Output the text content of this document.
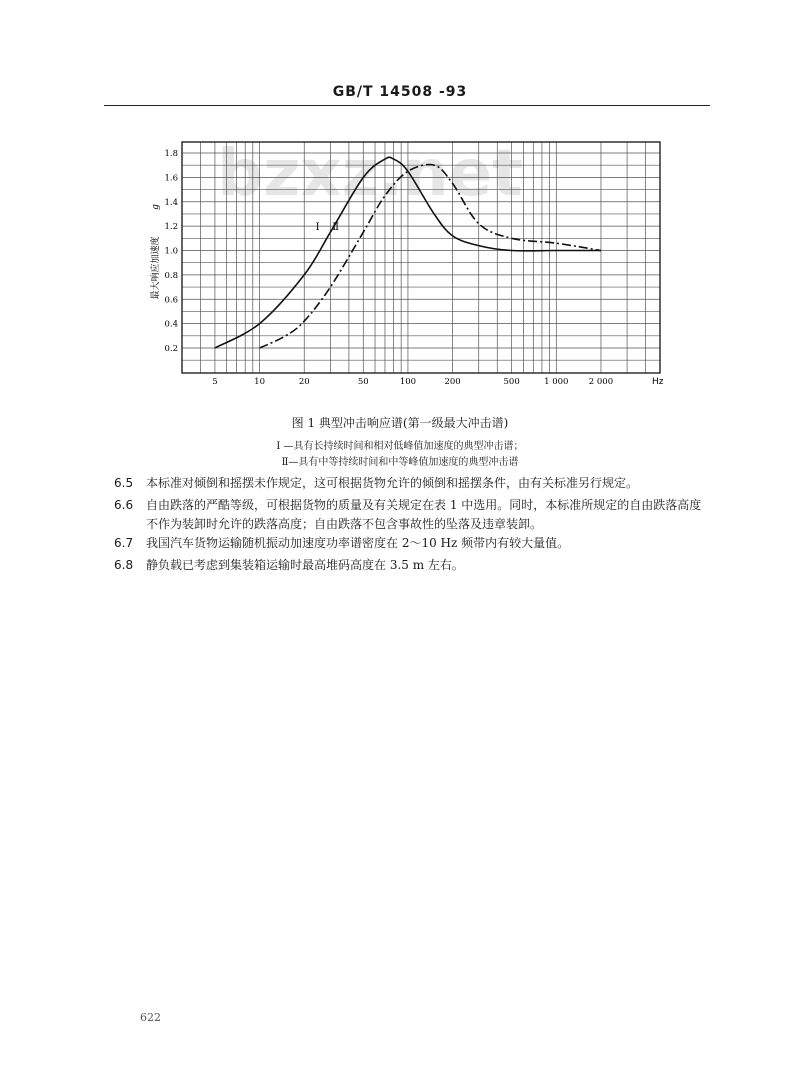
GB/T 14508 -93
bzxz.net
0.2
0.4
0.6
0.8
1.0
1.2
1.4
1.6
1.8
5	10	20	50	100	200	500	1 000 2 000
I Ⅱ
最大响应加速度
g
Hz
图 1 典型冲击响应谱(第一级最大冲击谱)
I —具有长持续时间和相对低峰值加速度的典型冲击谱；
Ⅱ—具有中等持续时间和中等峰值加速度的典型冲击谱
6.5	本标准对倾倒和摇摆未作规定，这可根据货物允许的倾倒和摇摆条件，由有关标准另行规定。
6.6	自由跌落的严酷等级，可根据货物的质量及有关规定在表 1 中选用。同时，本标准所规定的自由跌落高度不作为装卸时允许的跌落高度；自由跌落不包含事故性的坠落及违章装卸。
6.7	我国汽车货物运输随机振动加速度功率谱密度在 2～10 Hz 频带内有较大量值。
6.8	静负载已考虑到集装箱运输时最高堆码高度在 3.5 m 左右。
622
